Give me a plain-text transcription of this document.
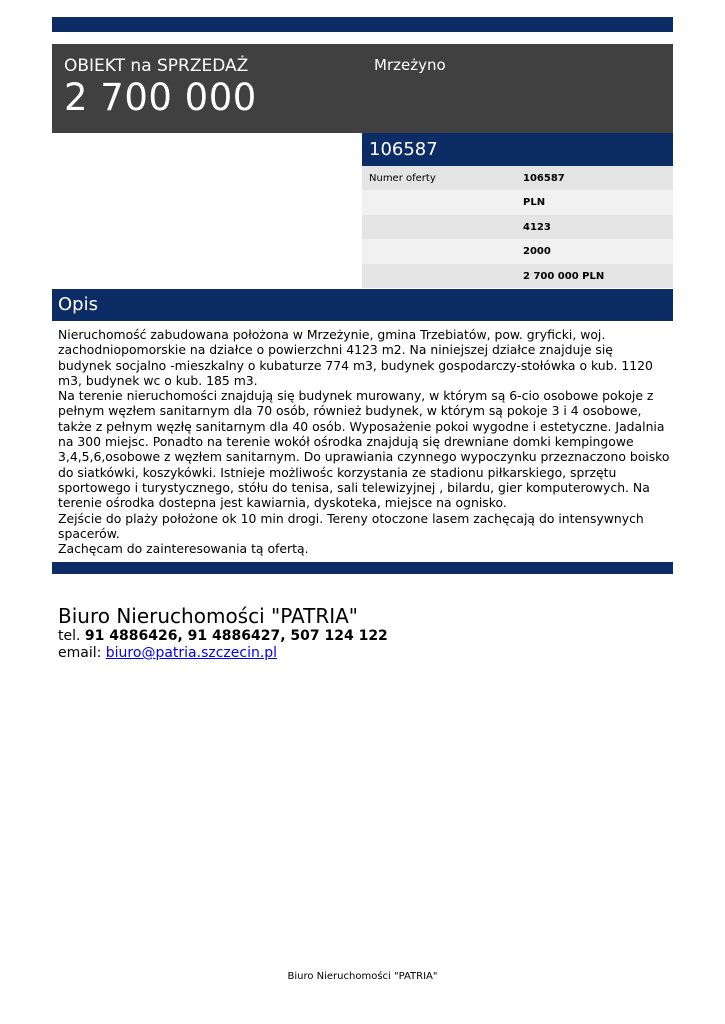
OBIEKT na SPRZEDAŻ
2 700 000
Mrzeżyno
106587
Numer oferty	106587
PLN
4123
2000
2 700 000 PLN
Opis

Nieruchomość zabudowana położona w Mrzeżynie, gmina Trzebiatów, pow. gryficki, woj. zachodniopomorskie na działce o powierzchni 4123 m2. Na niniejszej działce znajduje się budynek socjalno -mieszkalny o kubaturze 774 m3, budynek gospodarczy-stołówka o kub. 1120 m3, budynek wc o kub. 185 m3.

Na terenie nieruchomości znajdują się budynek murowany, w którym są 6-cio osobowe pokoje z pełnym węzłem sanitarnym dla 70 osób, również budynek, w którym są pokoje 3 i 4 osobowe, także z pełnym węzłę sanitarnym dla 40 osób. Wyposażenie pokoi wygodne i estetyczne. Jadalnia na 300 miejsc. Ponadto na terenie wokół ośrodka znajdują się drewniane domki kempingowe 3,4,5,6,osobowe z węzłem sanitarnym. Do uprawiania czynnego wypoczynku przeznaczono boisko do siatkówki, koszykówki. Istnieje możliwośc korzystania ze stadionu piłkarskiego, sprzętu sportowego i turystycznego, stółu do tenisa, sali telewizyjnej , bilardu, gier komputerowych. Na terenie ośrodka dostepna jest kawiarnia, dyskoteka, miejsce na ognisko.

Zejście do plaży położone ok 10 min drogi. Tereny otoczone lasem zachęcają do intensywnych spacerów.

Zachęcam do zainteresowania tą ofertą.

Biuro Nieruchomości "PATRIA"
tel. 91 4886426, 91 4886427, 507 124 122
email: biuro@patria.szczecin.pl
Biuro Nieruchomości "PATRIA"
